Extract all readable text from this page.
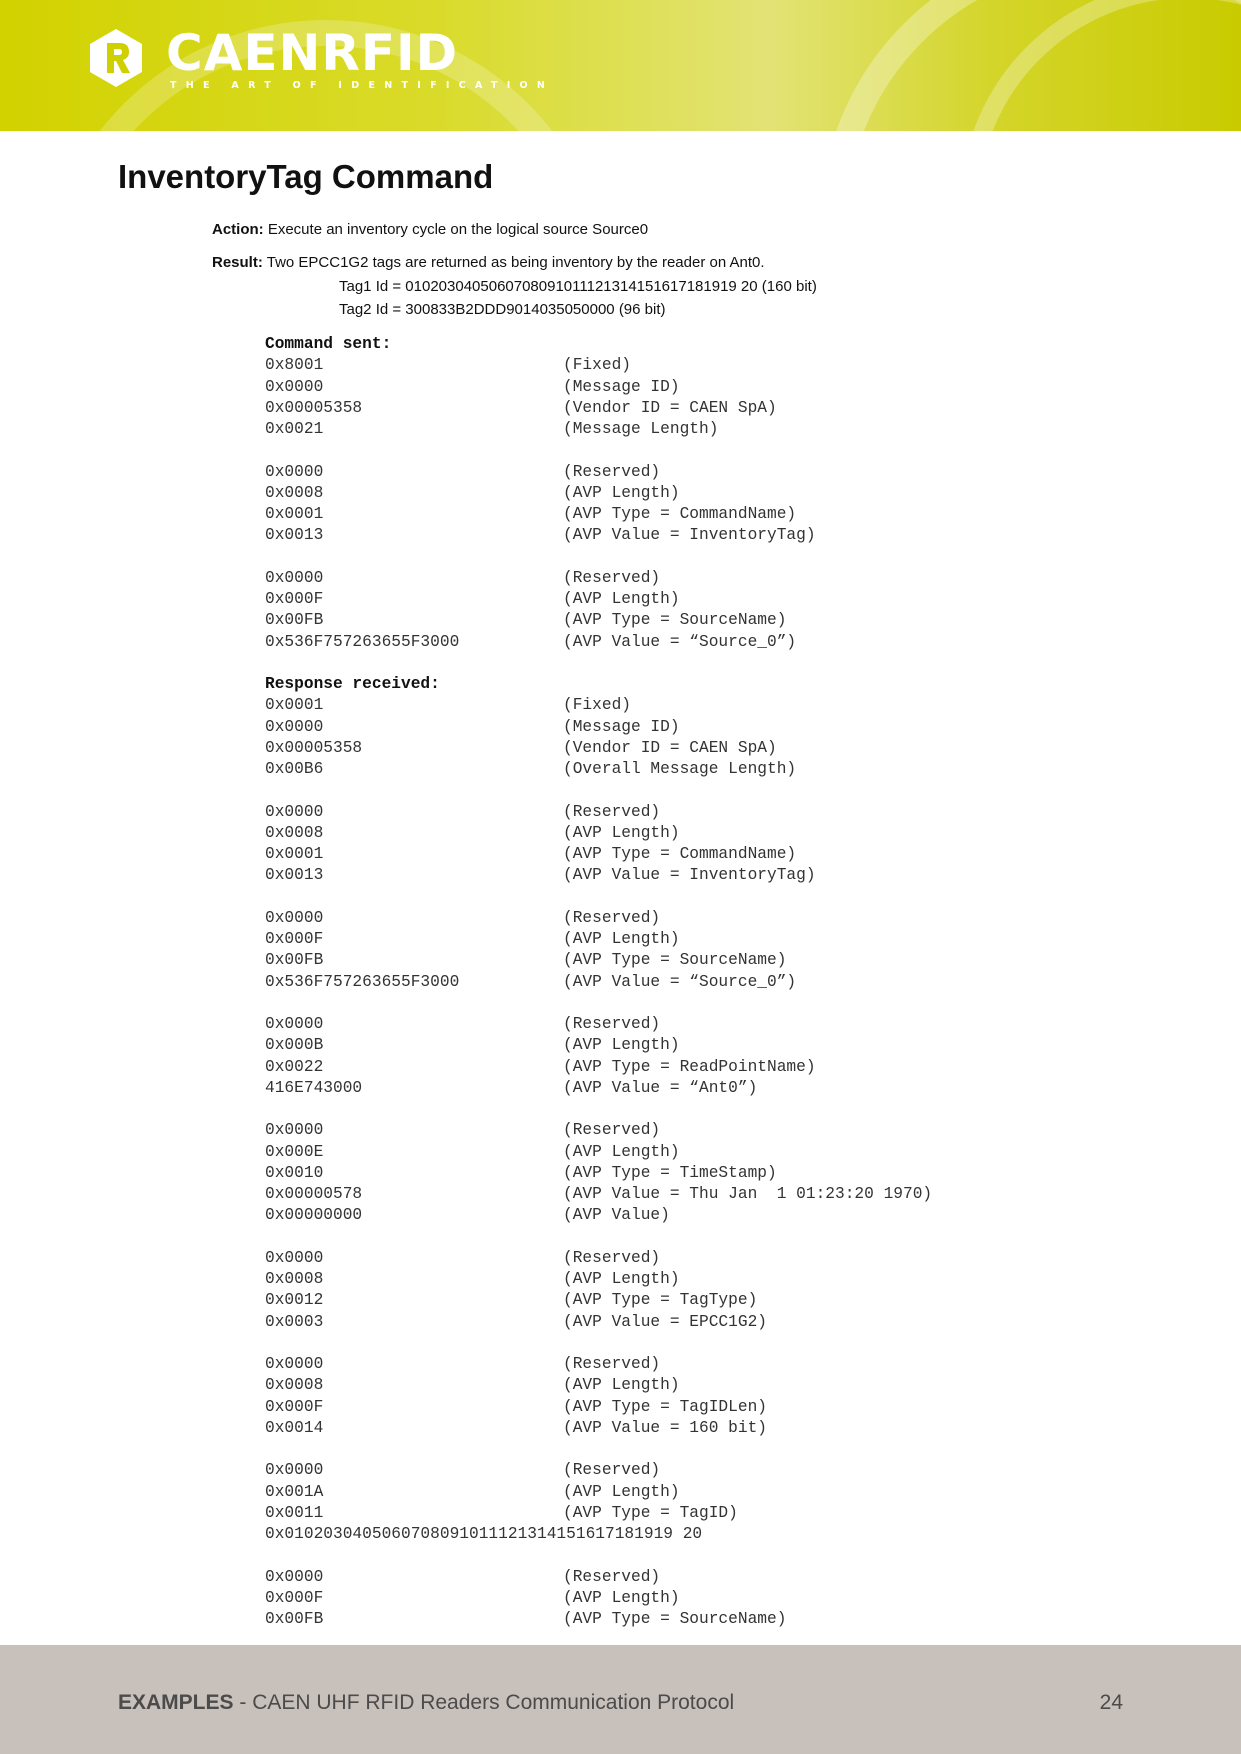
CAENRFID
THE ART OF IDENTIFICATION
InventoryTag Command
Action: Execute an inventory cycle on the logical source Source0
Result: Two EPCC1G2 tags are returned as being inventory by the reader on Ant0.
Tag1 Id = 0102030405060708091011121314151617181919 20 (160 bit)
Tag2 Id = 300833B2DDD9014035050000 (96 bit)
Command sent:
0x8001	(Fixed)
0x0000	(Message ID)
0x00005358	(Vendor ID = CAEN SpA)
0x0021	(Message Length)
0x0000	(Reserved)
0x0008	(AVP Length)
0x0001	(AVP Type = CommandName)
0x0013	(AVP Value = InventoryTag)
0x0000	(Reserved)
0x000F	(AVP Length)
0x00FB	(AVP Type = SourceName)
0x536F757263655F3000	(AVP Value = “Source_0”)
Response received:
0x0001	(Fixed)
0x0000	(Message ID)
0x00005358	(Vendor ID = CAEN SpA)
0x00B6	(Overall Message Length)
0x0000	(Reserved)
0x0008	(AVP Length)
0x0001	(AVP Type = CommandName)
0x0013	(AVP Value = InventoryTag)
0x0000	(Reserved)
0x000F	(AVP Length)
0x00FB	(AVP Type = SourceName)
0x536F757263655F3000	(AVP Value = “Source_0”)
0x0000	(Reserved)
0x000B	(AVP Length)
0x0022	(AVP Type = ReadPointName)
416E743000	(AVP Value = “Ant0”)
0x0000	(Reserved)
0x000E	(AVP Length)
0x0010	(AVP Type = TimeStamp)
0x00000578	(AVP Value = Thu Jan  1 01:23:20 1970)
0x00000000	(AVP Value)
0x0000	(Reserved)
0x0008	(AVP Length)
0x0012	(AVP Type = TagType)
0x0003	(AVP Value = EPCC1G2)
0x0000	(Reserved)
0x0008	(AVP Length)
0x000F	(AVP Type = TagIDLen)
0x0014	(AVP Value = 160 bit)
0x0000	(Reserved)
0x001A	(AVP Length)
0x0011	(AVP Type = TagID)
0x0102030405060708091011121314151617181919 20
0x0000	(Reserved)
0x000F	(AVP Length)
0x00FB	(AVP Type = SourceName)
EXAMPLES - CAEN UHF RFID Readers Communication Protocol	24
